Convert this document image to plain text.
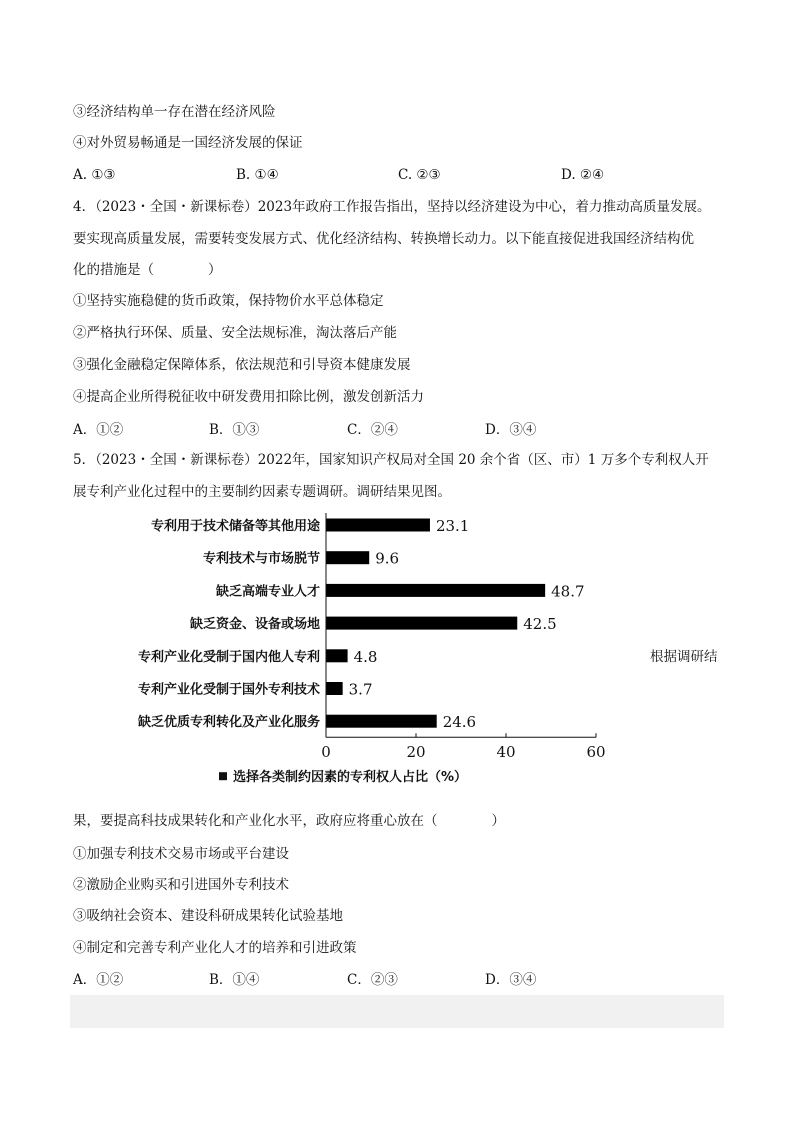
③经济结构单一存在潜在经济风险
④对外贸易畅通是一国经济发展的保证
A. ①③	B. ①④	C. ②③	D. ②④
4．（2023・全国・新课标卷）2023年政府工作报告指出，坚持以经济建设为中心，着力推动高质量发展。
要实现高质量发展，需要转变发展方式、优化经济结构、转换增长动力。以下能直接促进我国经济结构优
化的措施是（　　　　）
①坚持实施稳健的货币政策，保持物价水平总体稳定
②严格执行环保、质量、安全法规标准，淘汰落后产能
③强化金融稳定保障体系，依法规范和引导资本健康发展
④提高企业所得税征收中研发费用扣除比例，激发创新活力
A．①②	B．①③	C．②④	D．③④
5．（2023・全国・新课标卷）2022年，国家知识产权局对全国 20 余个省（区、市）1 万多个专利权人开
展专利产业化过程中的主要制约因素专题调研。调研结果见图。
专利用于技术储备等其他用途	23.1
专利技术与市场脱节	9.6
缺乏高端专业人才	48.7
缺乏资金、设备或场地	42.5
专利产业化受制于国内他人专利 4.8
专利产业化受制于国外专利技术 3.7
缺乏优质专利转化及产业化服务	24.6
0	20	40	60
选择各类制约因素的专利权人占比（%）
根据调研结
果，要提高科技成果转化和产业化水平，政府应将重心放在（　　　　）
①加强专利技术交易市场或平台建设
②激励企业购买和引进国外专利技术
③吸纳社会资本、建设科研成果转化试验基地
④制定和完善专利产业化人才的培养和引进政策
A．①②	B．①④	C．②③	D．③④
